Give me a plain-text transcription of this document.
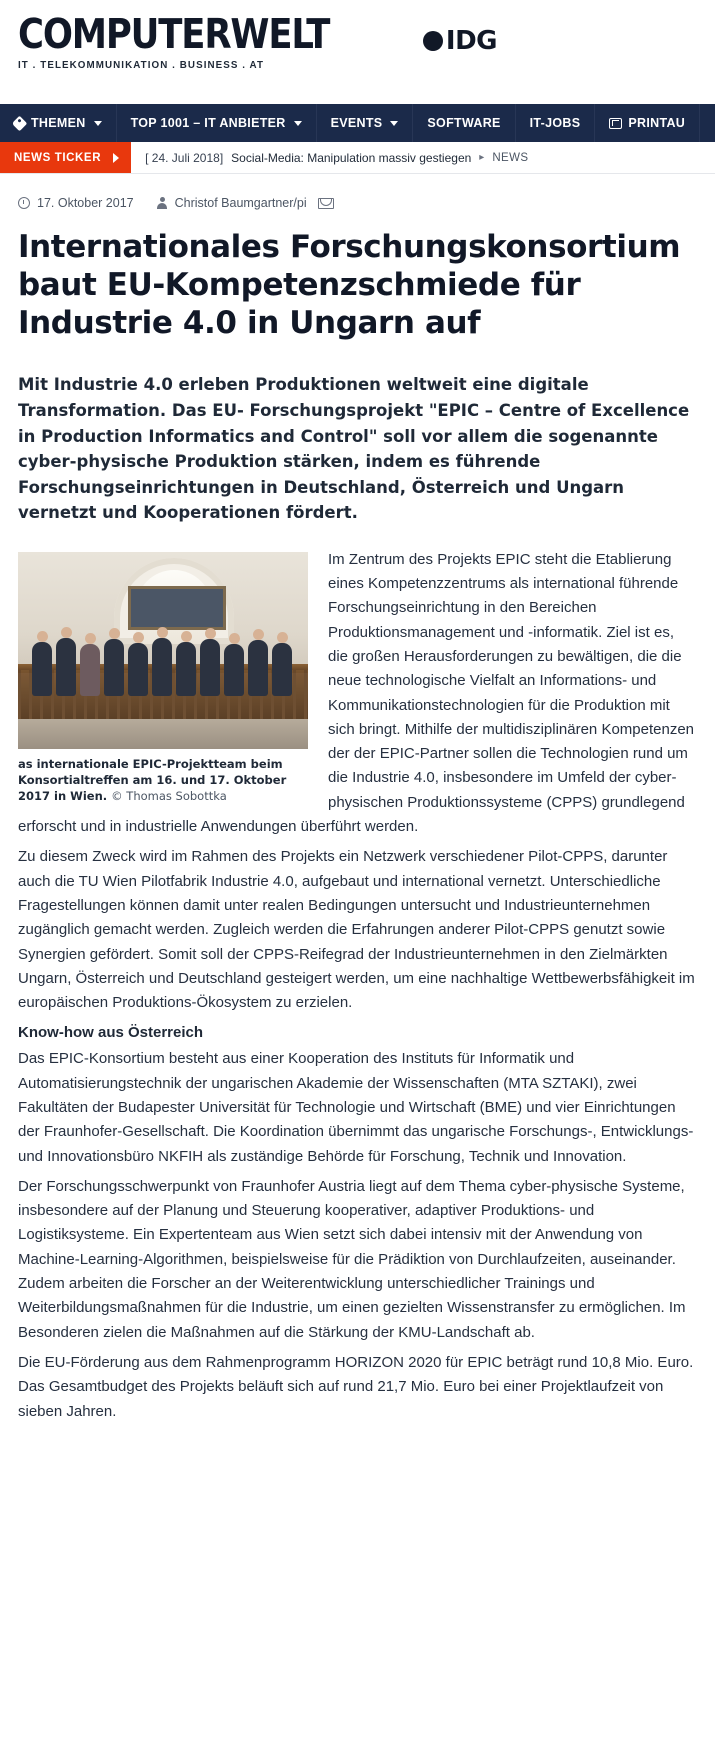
COMPUTERWELT
IT . TELEKOMMUNIKATION . BUSINESS . AT
IDG
THEMEN	TOP 1001 – IT ANBIETER	EVENTS	SOFTWARE IT-JOBS	PRINTAU
NEWS TICKER	[ 24. Juli 2018] Social-Media: Manipulation massiv gestiegen ▸ NEWS
17. Oktober 2017	Christof Baumgartner/pi
Internationales Forschungskonsortium baut EU-Kompetenzschmiede für Industrie 4.0 in Ungarn auf

Mit Industrie 4.0 erleben Produktionen weltweit eine digitale Transformation. Das EU- Forschungsprojekt "EPIC – Centre of Excellence in Production Informatics and Control" soll vor allem die sogenannte cyber-physische Produktion stärken, indem es führende Forschungseinrichtungen in Deutschland, Österreich und Ungarn vernetzt und Kooperationen fördert.

as internationale EPIC-Projektteam beim Konsortialtreffen am 16. und 17. Oktober 2017 in Wien. © Thomas Sobottka

Im Zentrum des Projekts EPIC steht die Etablierung eines Kompetenzzentrums als international führende Forschungseinrichtung in den Bereichen Produktionsmanagement und -informatik. Ziel ist es, die großen Herausforderungen zu bewältigen, die die neue technologische Vielfalt an Informations- und Kommunikationstechnologien für die Produktion mit sich bringt. Mithilfe der multidisziplinären Kompetenzen der der EPIC-Partner sollen die Technologien rund um die Industrie 4.0, insbesondere im Umfeld der cyber-physischen Produktionssysteme (CPPS) grundlegend erforscht und in industrielle Anwendungen überführt werden.

Zu diesem Zweck wird im Rahmen des Projekts ein Netzwerk verschiedener Pilot-CPPS, darunter auch die TU Wien Pilotfabrik Industrie 4.0, aufgebaut und international vernetzt. Unterschiedliche Fragestellungen können damit unter realen Bedingungen untersucht und Industrieunternehmen zugänglich gemacht werden. Zugleich werden die Erfahrungen anderer Pilot-CPPS genutzt sowie Synergien gefördert. Somit soll der CPPS-Reifegrad der Industrieunternehmen in den Zielmärkten Ungarn, Österreich und Deutschland gesteigert werden, um eine nachhaltige Wettbewerbsfähigkeit im europäischen Produktions-Ökosystem zu erzielen.

Know-how aus Österreich

Das EPIC-Konsortium besteht aus einer Kooperation des Instituts für Informatik und Automatisierungstechnik der ungarischen Akademie der Wissenschaften (MTA SZTAKI), zwei Fakultäten der Budapester Universität für Technologie und Wirtschaft (BME) und vier Einrichtungen der Fraunhofer-Gesellschaft. Die Koordination übernimmt das ungarische Forschungs-, Entwicklungs- und Innovationsbüro NKFIH als zuständige Behörde für Forschung, Technik und Innovation.

Der Forschungsschwerpunkt von Fraunhofer Austria liegt auf dem Thema cyber-physische Systeme, insbesondere auf der Planung und Steuerung kooperativer, adaptiver Produktions- und Logistiksysteme. Ein Expertenteam aus Wien setzt sich dabei intensiv mit der Anwendung von Machine-Learning-Algorithmen, beispielsweise für die Prädiktion von Durchlaufzeiten, auseinander. Zudem arbeiten die Forscher an der Weiterentwicklung unterschiedlicher Trainings und Weiterbildungsmaßnahmen für die Industrie, um einen gezielten Wissenstransfer zu ermöglichen. Im Besonderen zielen die Maßnahmen auf die Stärkung der KMU-Landschaft ab.

Die EU-Förderung aus dem Rahmenprogramm HORIZON 2020 für EPIC beträgt rund 10,8 Mio. Euro. Das Gesamtbudget des Projekts beläuft sich auf rund 21,7 Mio. Euro bei einer Projektlaufzeit von sieben Jahren.
